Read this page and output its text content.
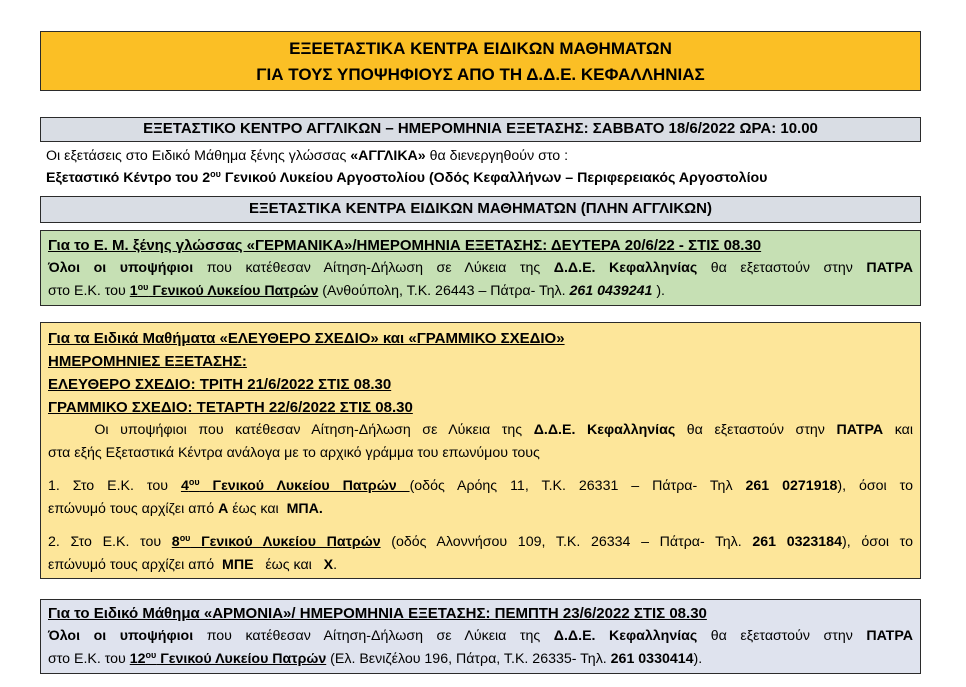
ΕΞΕΕΤΑΣΤΙΚΑ ΚΕΝΤΡΑ ΕΙΔΙΚΩΝ ΜΑΘΗΜΑΤΩΝ
ΓΙΑ ΤΟΥΣ ΥΠΟΨΗΦΙΟΥΣ ΑΠΟ ΤΗ Δ.Δ.Ε. ΚΕΦΑΛΛΗΝΙΑΣ
ΕΞΕΤΑΣΤΙΚΟ ΚΕΝΤΡΟ ΑΓΓΛΙΚΩΝ – ΗΜΕΡΟΜΗΝΙΑ ΕΞΕΤΑΣΗΣ: ΣΑΒΒΑΤΟ 18/6/2022 ΩΡΑ: 10.00
Οι εξετάσεις στο Ειδικό Μάθημα ξένης γλώσσας «ΑΓΓΛΙΚΑ» θα διενεργηθούν στο :
Εξεταστικό Κέντρο του $2^{o\upsilon}$ Γενικού Λυκείου Αργοστολίου (Οδός Κεφαλλήνων – Περιφερειακός Αργοστολίου
ΕΞΕΤΑΣΤΙΚΑ ΚΕΝΤΡΑ ΕΙΔΙΚΩΝ ΜΑΘΗΜΑΤΩΝ (ΠΛΗΝ ΑΓΓΛΙΚΩΝ)
Για το Ε. Μ. ξένης γλώσσας «ΓΕΡΜΑΝΙΚΑ»/ΗΜΕΡΟΜΗΝΙΑ ΕΞΕΤΑΣΗΣ: ΔΕΥΤΕΡΑ 20/6/22 - ΣΤΙΣ 08.30
Όλοι οι υποψήφιοι που κατέθεσαν Αίτηση-Δήλωση σε Λύκεια της Δ.Δ.Ε. Κεφαλληνίας θα εξεταστούν στην ΠΑΤΡΑ
στο Ε.Κ. του $1^{o\upsilon}$ Γενικού Λυκείου Πατρών (Ανθούπολη, Τ.Κ. 26443 – Πάτρα- Τηλ. 261 0439241 ).
Για τα Ειδικά Μαθήματα «ΕΛΕΥΘΕΡΟ ΣΧΕΔΙΟ» και «ΓΡΑΜΜΙΚΟ ΣΧΕΔΙΟ»
ΗΜΕΡΟΜΗΝΙΕΣ ΕΞΕΤΑΣΗΣ:
ΕΛΕΥΘΕΡΟ ΣΧΕΔΙΟ: ΤΡΙΤΗ 21/6/2022 ΣΤΙΣ 08.30
ΓΡΑΜΜΙΚΟ ΣΧΕΔΙΟ: ΤΕΤΑΡΤΗ 22/6/2022 ΣΤΙΣ 08.30
Οι υποψήφιοι που κατέθεσαν Αίτηση-Δήλωση σε Λύκεια της Δ.Δ.Ε. Κεφαλληνίας θα εξεταστούν στην ΠΑΤΡΑ και
στα εξής Εξεταστικά Κέντρα ανάλογα με το αρχικό γράμμα του επωνύμου τους
1. Στο Ε.Κ. του $4^{o\upsilon}$ Γενικού Λυκείου Πατρών (οδός Αρόης 11, Τ.Κ. 26331 – Πάτρα- Τηλ 261 0271918), όσοι το
επώνυμό τους αρχίζει από Α έως και  ΜΠΑ.
2. Στο Ε.Κ. του $8^{o\upsilon}$ Γενικού Λυκείου Πατρών (οδός Αλοννήσου 109, Τ.Κ. 26334 – Πάτρα- Τηλ. 261 0323184), όσοι το
επώνυμό τους αρχίζει από  ΜΠΕ   έως και   Χ.
Για το Ειδικό Μάθημα «ΑΡΜΟΝΙΑ»/ ΗΜΕΡΟΜΗΝΙΑ ΕΞΕΤΑΣΗΣ: ΠΕΜΠΤΗ 23/6/2022 ΣΤΙΣ 08.30
Όλοι οι υποψήφιοι που κατέθεσαν Αίτηση-Δήλωση σε Λύκεια της Δ.Δ.Ε. Κεφαλληνίας θα εξεταστούν στην ΠΑΤΡΑ
στο Ε.Κ. του $12^{o\upsilon}$ Γενικού Λυκείου Πατρών (Ελ. Βενιζέλου 196, Πάτρα, Τ.Κ. 26335- Τηλ. 261 0330414).
